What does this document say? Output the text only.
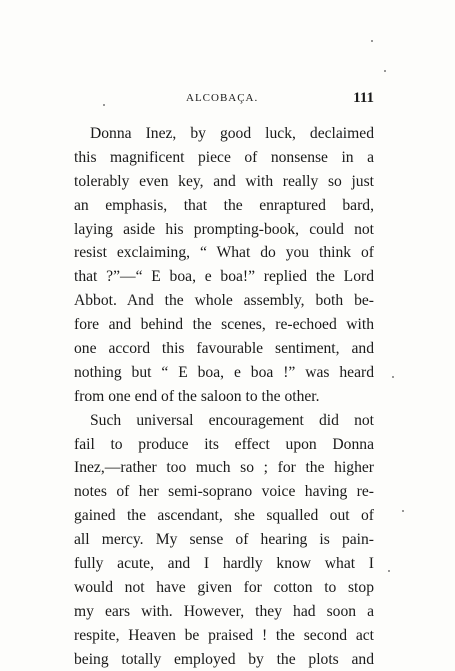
ALCOBAÇA.	111
Donna Inez, by good luck, declaimed
this magnificent piece of nonsense in a
tolerably even key, and with really so just
an emphasis, that the enraptured bard,
laying aside his prompting-book, could not
resist exclaiming, “ What do you think of
that ?”—“ E boa, e boa!” replied the Lord
Abbot. And the whole assembly, both be-
fore and behind the scenes, re-echoed with
one accord this favourable sentiment, and
nothing but “ E boa, e boa !” was heard
from one end of the saloon to the other.
Such universal encouragement did not
fail to produce its effect upon Donna
Inez,—rather too much so ; for the higher
notes of her semi-soprano voice having re-
gained the ascendant, she squalled out of
all mercy. My sense of hearing is pain-
fully acute, and I hardly know what I
would not have given for cotton to stop
my ears with. However, they had soon a
respite, Heaven be praised ! the second act
being totally employed by the plots and
